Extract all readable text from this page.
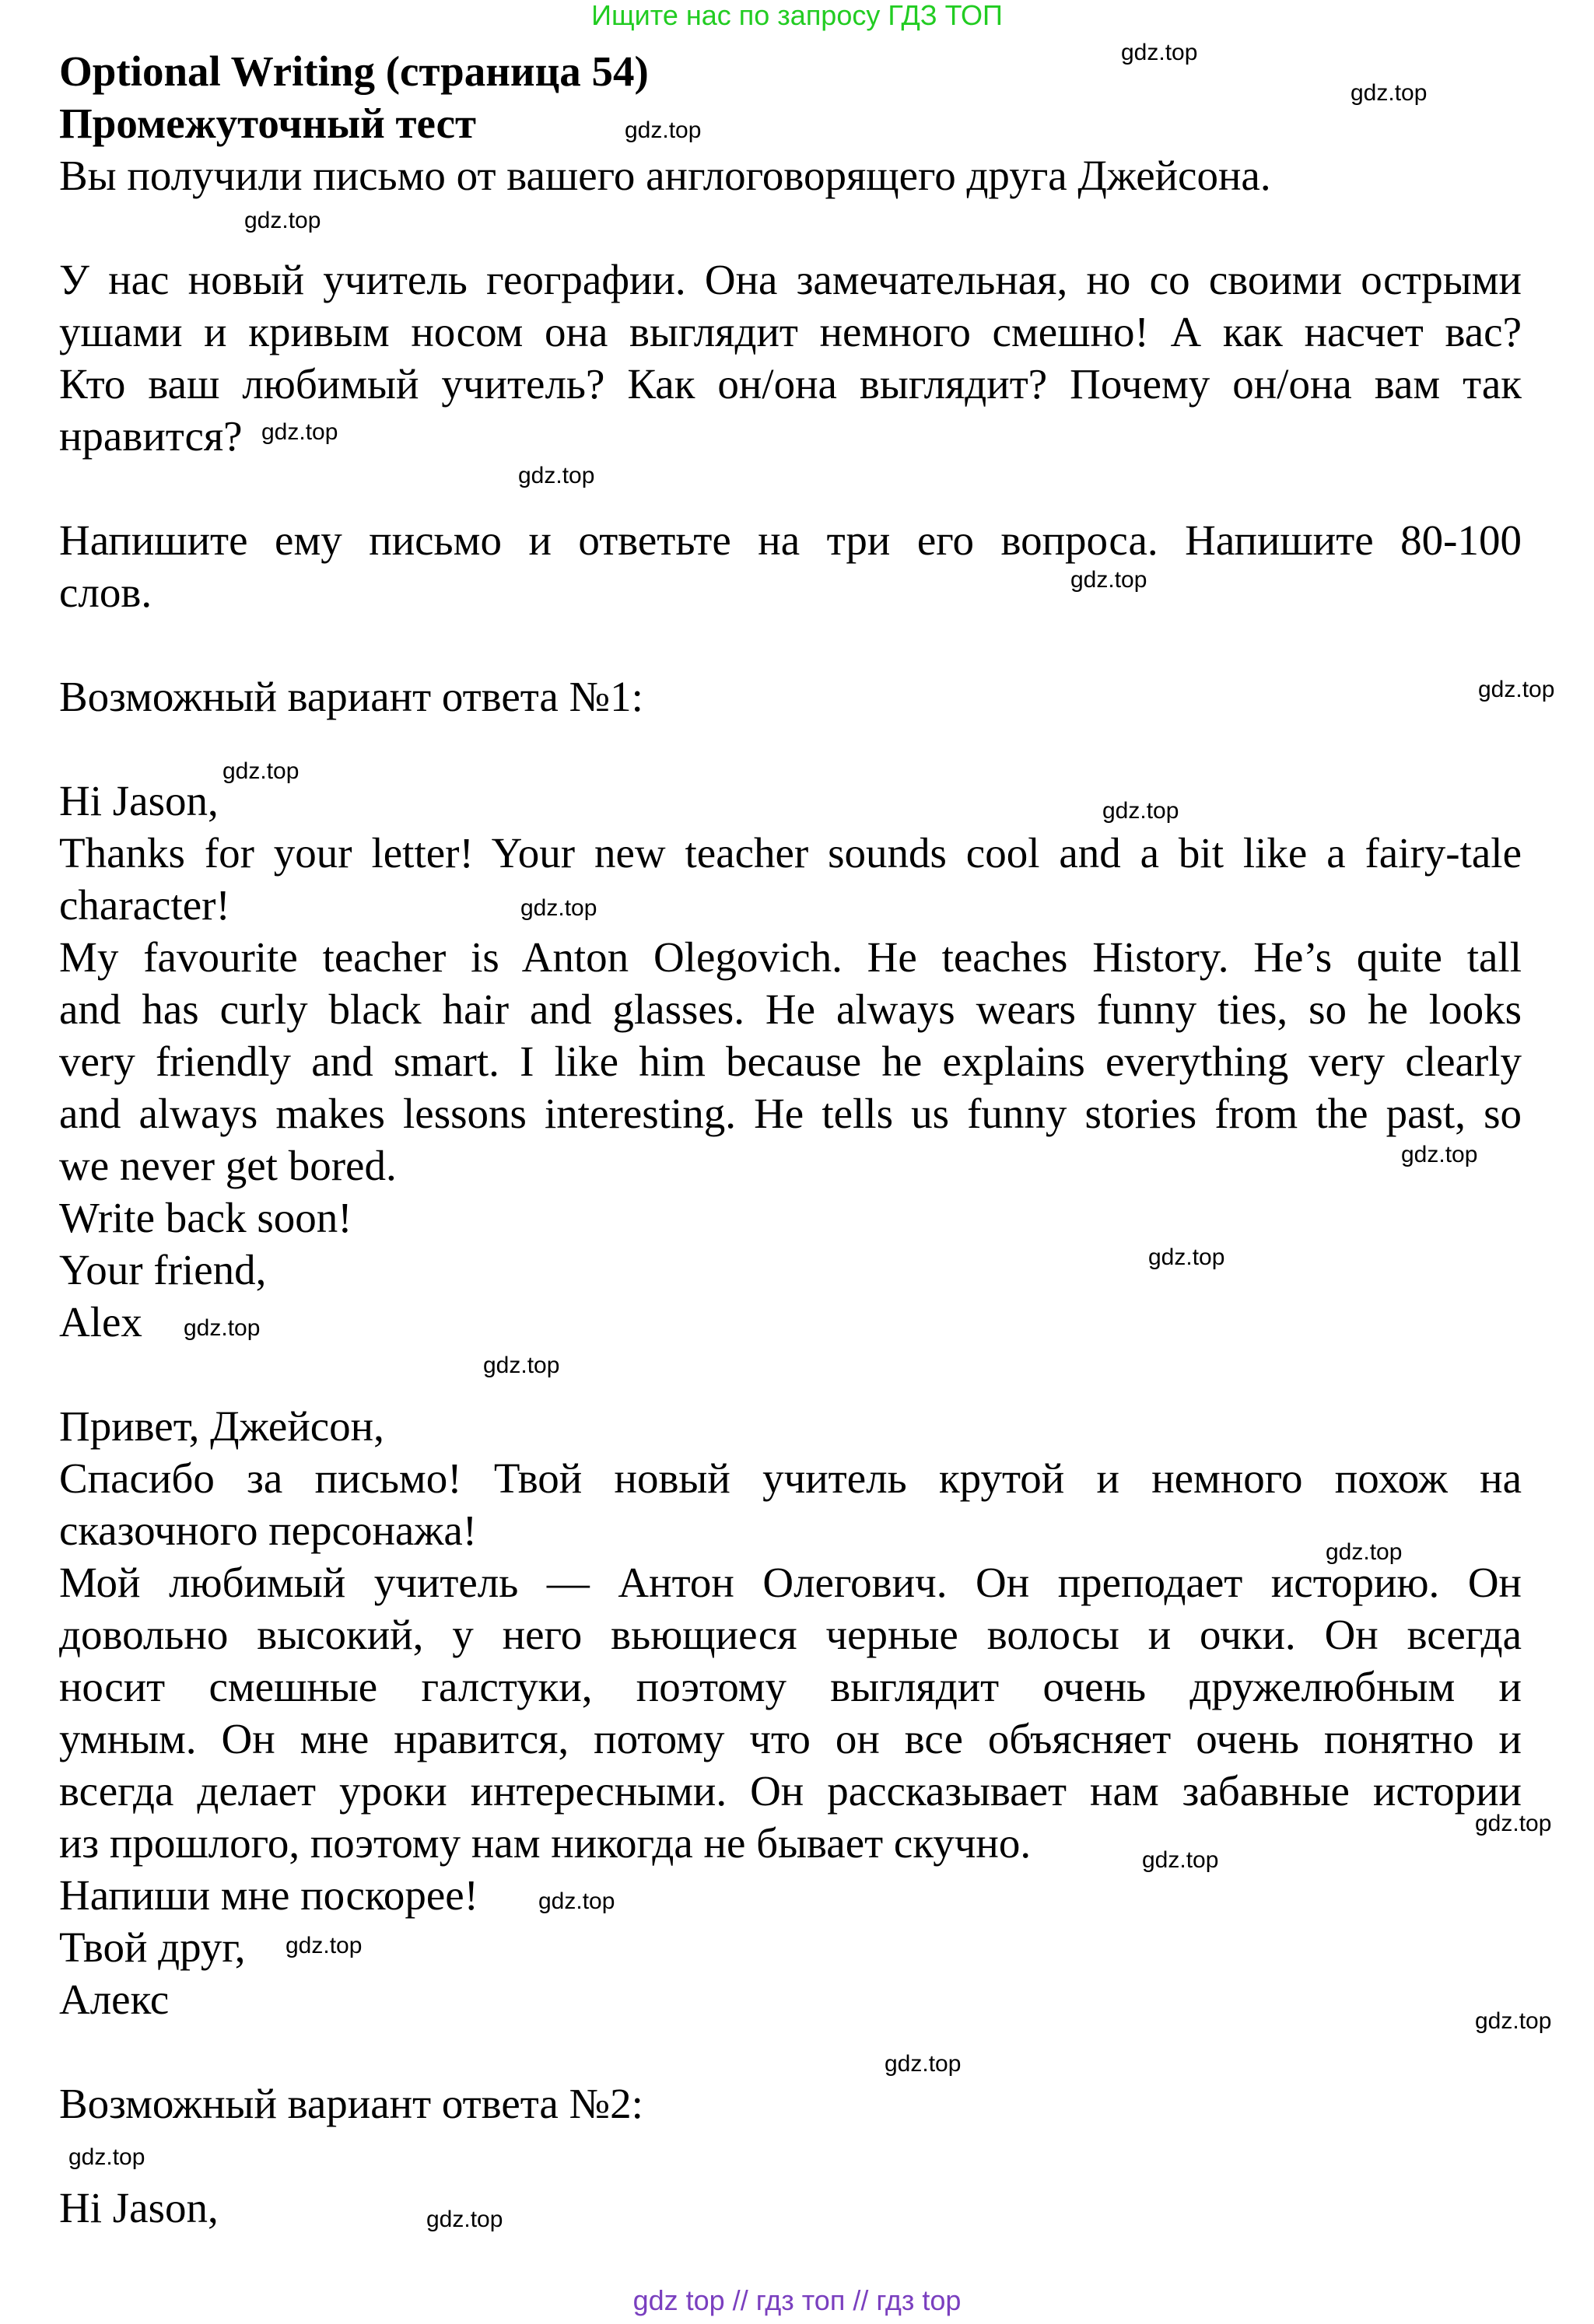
Ищите нас по запросу ГДЗ ТОП
Optional Writing (страница 54)
Промежуточный тест
Вы получили письмо от вашего англоговорящего друга Джейсона.
У нас новый учитель географии. Она замечательная, но со своими острыми
ушами и кривым носом она выглядит немного смешно! А как насчет вас?
Кто ваш любимый учитель? Как он/она выглядит? Почему он/она вам так
нравится?
Напишите ему письмо и ответьте на три его вопроса. Напишите 80-100
слов.
Возможный вариант ответа №1:
Hi Jason,
Thanks for your letter! Your new teacher sounds cool and a bit like a fairy-tale
character!
My favourite teacher is Anton Olegovich. He teaches History. He’s quite tall
and has curly black hair and glasses. He always wears funny ties, so he looks
very friendly and smart. I like him because he explains everything very clearly
and always makes lessons interesting. He tells us funny stories from the past, so
we never get bored.
Write back soon!
Your friend,
Alex
Привет, Джейсон,
Спасибо за письмо! Твой новый учитель крутой и немного похож на
сказочного персонажа!
Мой любимый учитель — Антон Олегович. Он преподает историю. Он
довольно высокий, у него вьющиеся черные волосы и очки. Он всегда
носит смешные галстуки, поэтому выглядит очень дружелюбным и
умным. Он мне нравится, потому что он все объясняет очень понятно и
всегда делает уроки интересными. Он рассказывает нам забавные истории
из прошлого, поэтому нам никогда не бывает скучно.
Напиши мне поскорее!
Твой друг,
Алекс
Возможный вариант ответа №2:
Hi Jason,
gdz.top
gdz.top
gdz.top
gdz.top
gdz.top
gdz.top
gdz.top
gdz.top
gdz.top
gdz.top
gdz.top
gdz.top
gdz.top
gdz.top
gdz.top
gdz.top
gdz.top
gdz.top
gdz.top
gdz.top
gdz.top
gdz.top
gdz.top
gdz.top
gdz top // гдз топ // гдз top
